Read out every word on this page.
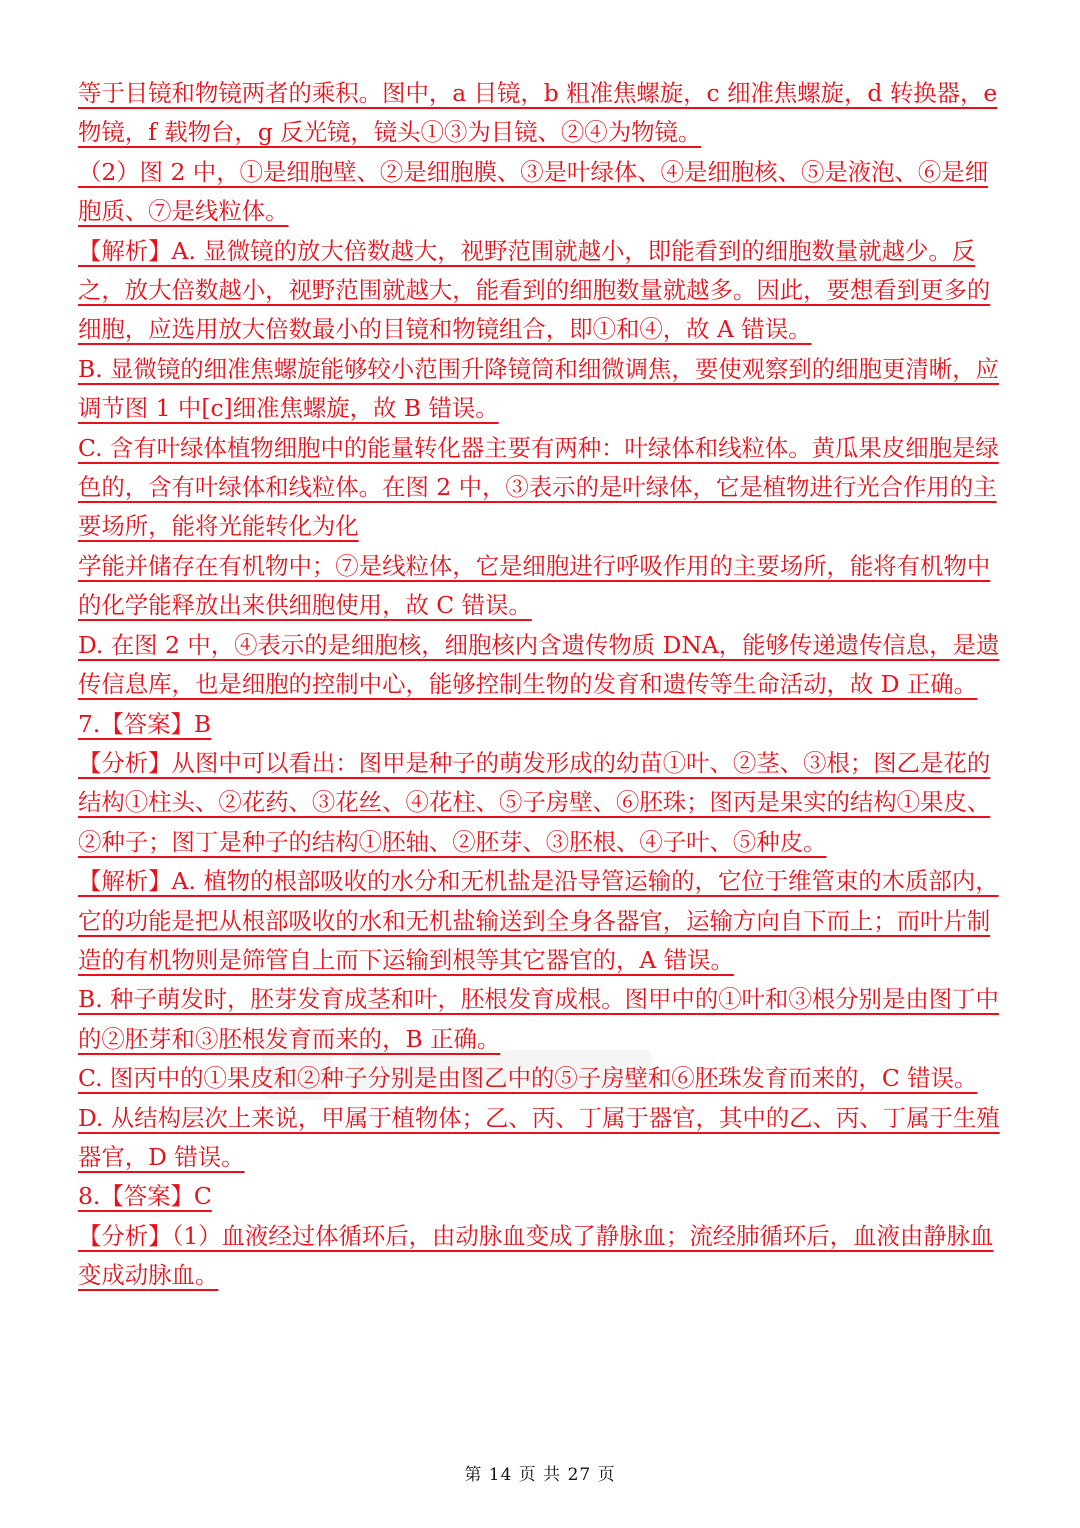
等于目镜和物镜两者的乘积。图中，a 目镜，b 粗准焦螺旋，c 细准焦螺旋，d 转换器，e 物镜，f 载物台，g 反光镜，镜头①③为目镜、②④为物镜。

（2）图 2 中，①是细胞壁、②是细胞膜、③是叶绿体、④是细胞核、⑤是液泡、⑥是细胞质、⑦是线粒体。

【解析】A. 显微镜的放大倍数越大，视野范围就越小，即能看到的细胞数量就越少。反之，放大倍数越小，视野范围就越大，能看到的细胞数量就越多。因此，要想看到更多的细胞，应选用放大倍数最小的目镜和物镜组合，即①和④，故 A 错误。

B. 显微镜的细准焦螺旋能够较小范围升降镜筒和细微调焦，要使观察到的细胞更清晰，应调节图 1 中[c]细准焦螺旋，故 B 错误。

C. 含有叶绿体植物细胞中的能量转化器主要有两种：叶绿体和线粒体。黄瓜果皮细胞是绿色的，含有叶绿体和线粒体。在图 2 中，③表示的是叶绿体，它是植物进行光合作用的主要场所，能将光能转化为化

学能并储存在有机物中；⑦是线粒体，它是细胞进行呼吸作用的主要场所，能将有机物中的化学能释放出来供细胞使用，故 C 错误。

D. 在图 2 中，④表示的是细胞核，细胞核内含遗传物质 DNA，能够传递遗传信息，是遗传信息库，也是细胞的控制中心，能够控制生物的发育和遗传等生命活动，故 D 正确。

7.【答案】B

【分析】从图中可以看出：图甲是种子的萌发形成的幼苗①叶、②茎、③根；图乙是花的结构①柱头、②花药、③花丝、④花柱、⑤子房壁、⑥胚珠；图丙是果实的结构①果皮、②种子；图丁是种子的结构①胚轴、②胚芽、③胚根、④子叶、⑤种皮。

【解析】A. 植物的根部吸收的水分和无机盐是沿导管运输的，它位于维管束的木质部内，它的功能是把从根部吸收的水和无机盐输送到全身各器官，运输方向自下而上；而叶片制造的有机物则是筛管自上而下运输到根等其它器官的，A 错误。

B. 种子萌发时，胚芽发育成茎和叶，胚根发育成根。图甲中的①叶和③根分别是由图丁中的②胚芽和③胚根发育而来的，B 正确。

C. 图丙中的①果皮和②种子分别是由图乙中的⑤子房壁和⑥胚珠发育而来的，C 错误。

D. 从结构层次上来说，甲属于植物体；乙、丙、丁属于器官，其中的乙、丙、丁属于生殖器官，D 错误。

8.【答案】C

【分析】（1）血液经过体循环后，由动脉血变成了静脉血；流经肺循环后，血液由静脉血变成动脉血。

第 14 页 共 27 页
